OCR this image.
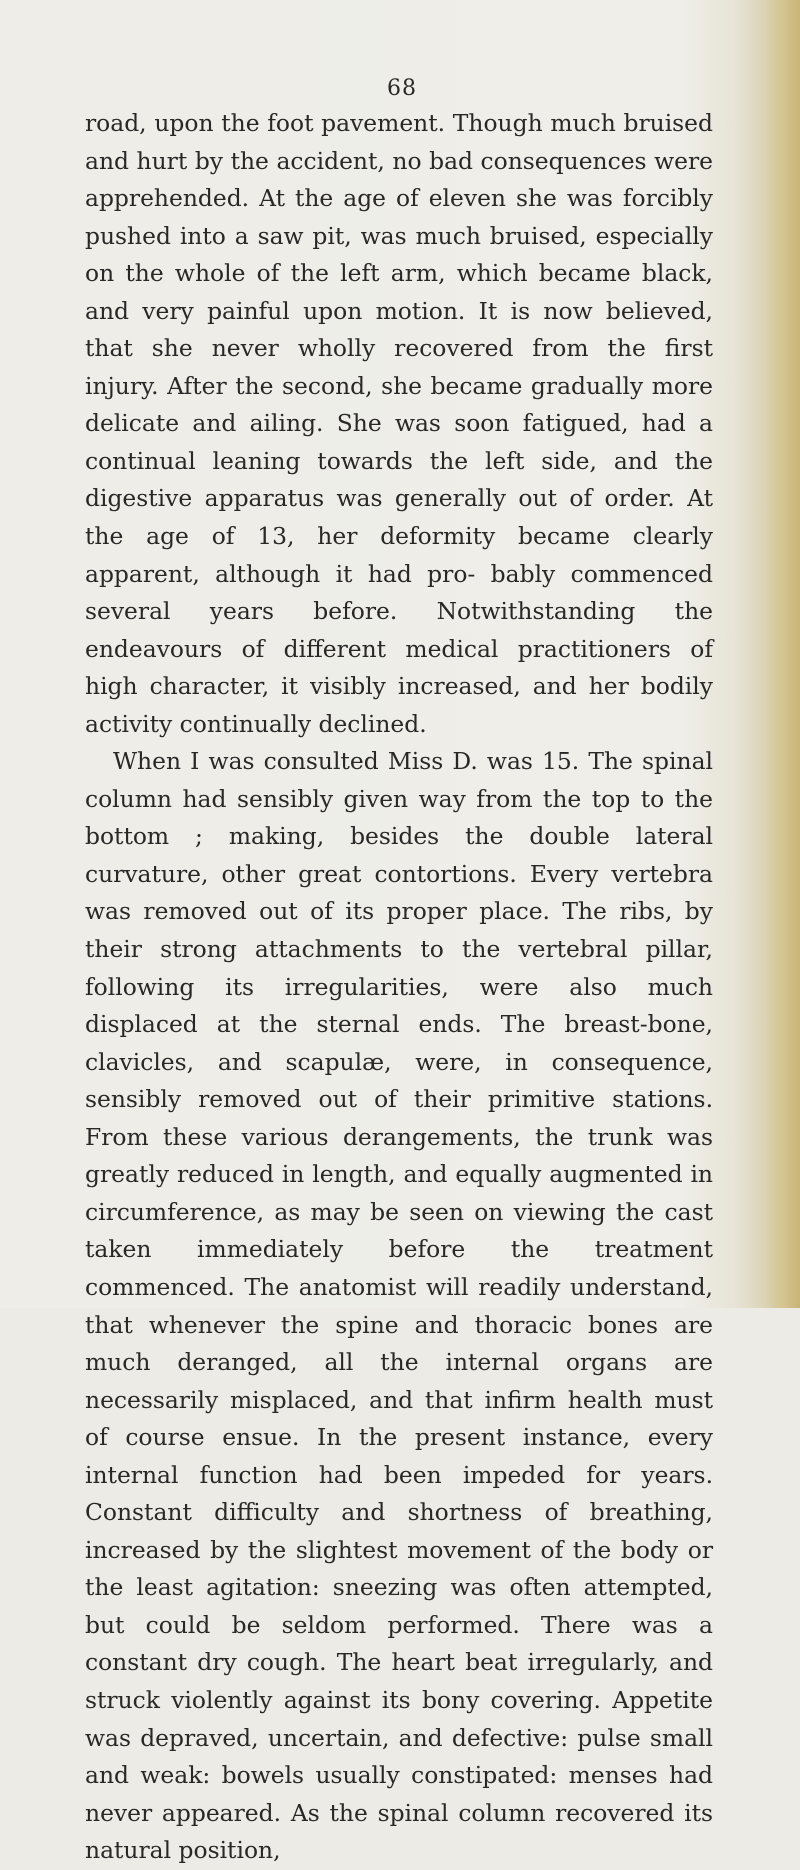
68

road, upon the foot pavement. Though much bruised and hurt by the accident, no bad consequences were apprehended. At the age of eleven she was forcibly pushed into a saw pit, was much bruised, especially on the whole of the left arm, which became black, and very painful upon motion. It is now believed, that she never wholly recovered from the first injury. After the second, she became gradually more delicate and ailing. She was soon fatigued, had a continual leaning towards the left side, and the digestive apparatus was generally out of order. At the age of 13, her deformity became clearly apparent, although it had pro- bably commenced several years before. Notwithstanding the endeavours of different medical practitioners of high character, it visibly increased, and her bodily activity continually declined.

When I was consulted Miss D. was 15. The spinal column had sensibly given way from the top to the bottom ; making, besides the double lateral curvature, other great contortions. Every vertebra was removed out of its proper place. The ribs, by their strong attachments to the vertebral pillar, following its irregularities, were also much displaced at the sternal ends. The breast-bone, clavicles, and scapulæ, were, in consequence, sensibly removed out of their primitive stations. From these various derangements, the trunk was greatly reduced in length, and equally augmented in circumference, as may be seen on viewing the cast taken immediately before the treatment commenced. The anatomist will readily understand, that whenever the spine and thoracic bones are much deranged, all the internal organs are necessarily misplaced, and that infirm health must of course ensue. In the present instance, every internal function had been impeded for years. Constant difficulty and shortness of breathing, increased by the slightest movement of the body or the least agitation: sneezing was often attempted, but could be seldom performed. There was a constant dry cough. The heart beat irregularly, and struck violently against its bony covering. Appetite was depraved, uncertain, and defective: pulse small and weak: bowels usually constipated: menses had never appeared. As the spinal column recovered its natural position,
